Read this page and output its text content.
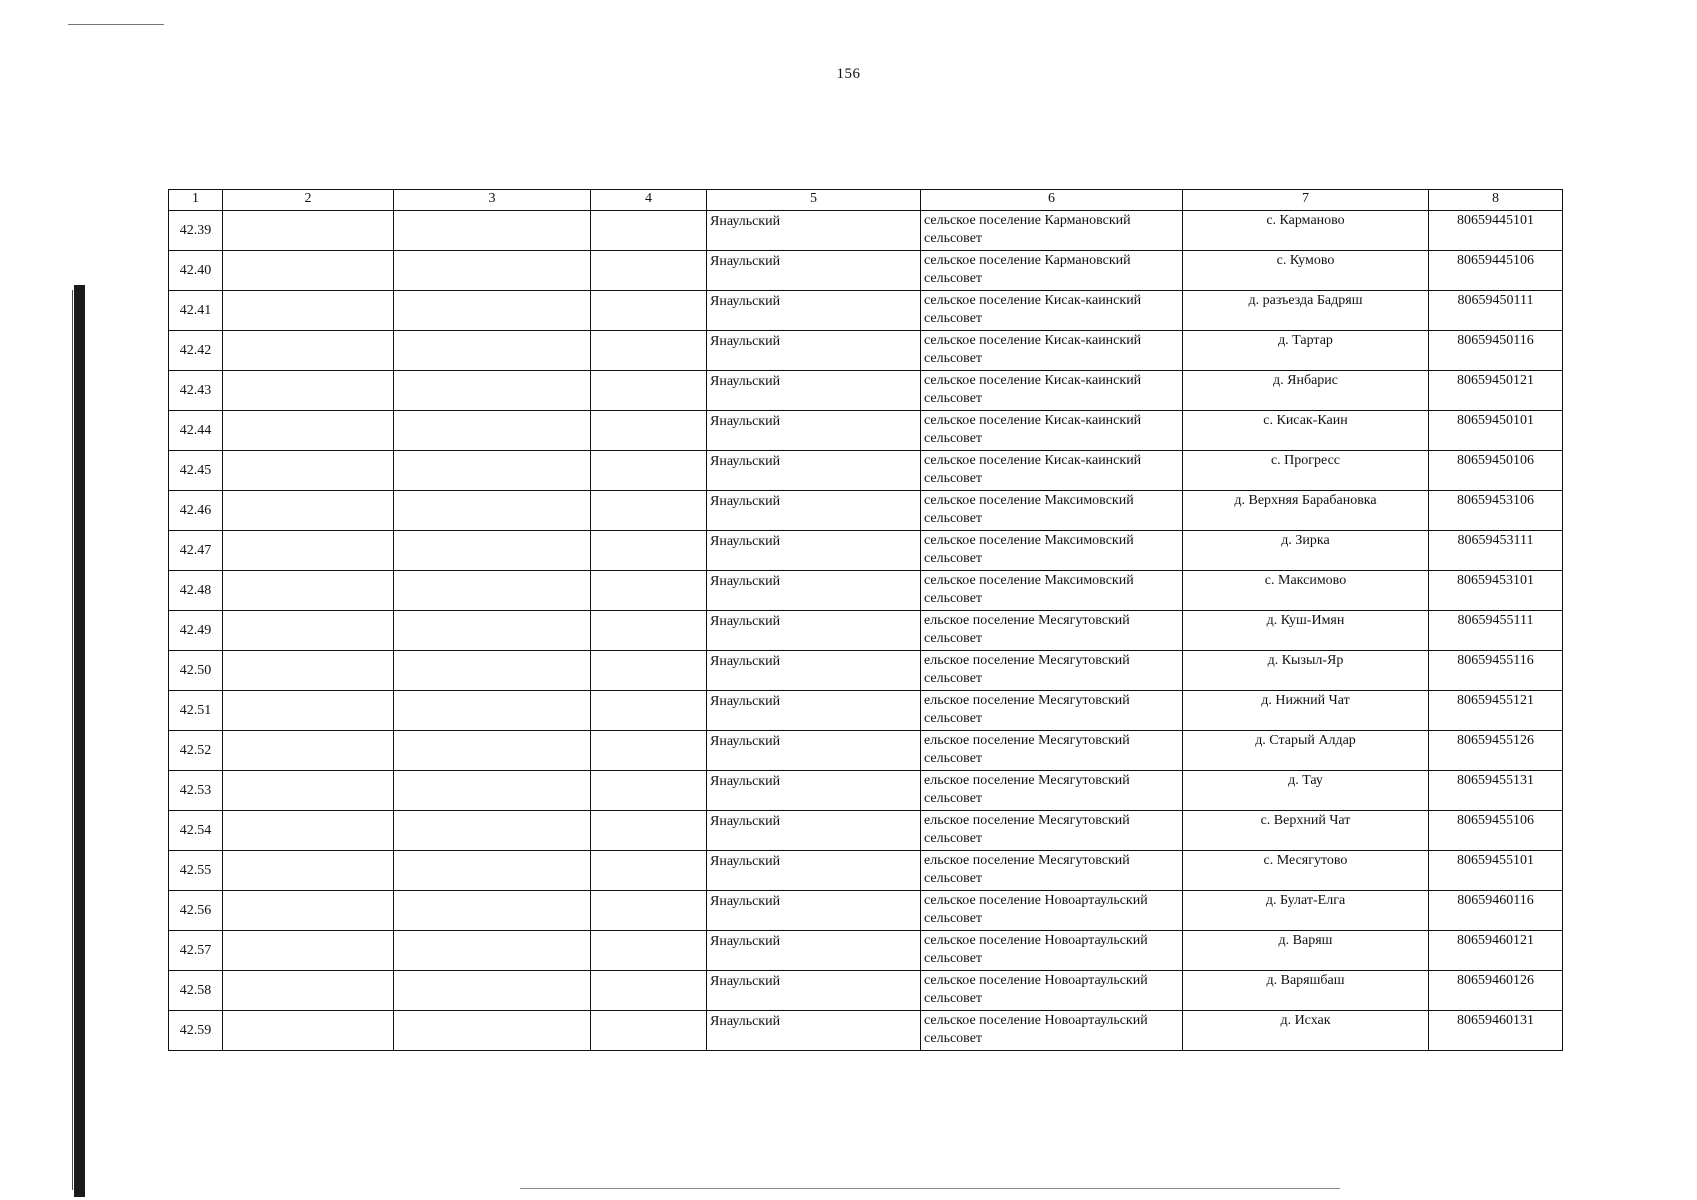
156
1	2	3	4	5	6	7	8
42.39				Янаульский	сельское поселение Кармановский сельсовет	с. Карманово	80659445101
42.40				Янаульский	сельское поселение Кармановский сельсовет	с. Кумово	80659445106
42.41				Янаульский	сельское поселение Кисак-каинский сельсовет	д. разъезда Бадряш	80659450111
42.42				Янаульский	сельское поселение Кисак-каинский сельсовет	д. Тартар	80659450116
42.43				Янаульский	сельское поселение Кисак-каинский сельсовет	д. Янбарис	80659450121
42.44				Янаульский	сельское поселение Кисак-каинский сельсовет	с. Кисак-Каин	80659450101
42.45				Янаульский	сельское поселение Кисак-каинский сельсовет	с. Прогресс	80659450106
42.46				Янаульский	сельское поселение Максимовский сельсовет	д. Верхняя Барабановка	80659453106
42.47				Янаульский	сельское поселение Максимовский сельсовет	д. Зирка	80659453111
42.48				Янаульский	сельское поселение Максимовский сельсовет	с. Максимово	80659453101
42.49				Янаульский	ельское поселение Месягутовский сельсовет	д. Куш-Имян	80659455111
42.50				Янаульский	ельское поселение Месягутовский сельсовет	д. Кызыл-Яр	80659455116
42.51				Янаульский	ельское поселение Месягутовский сельсовет	д. Нижний Чат	80659455121
42.52				Янаульский	ельское поселение Месягутовский сельсовет	д. Старый Алдар	80659455126
42.53				Янаульский	ельское поселение Месягутовский сельсовет	д. Тау	80659455131
42.54				Янаульский	ельское поселение Месягутовский сельсовет	с. Верхний Чат	80659455106
42.55				Янаульский	ельское поселение Месягутовский сельсовет	с. Месягутово	80659455101
42.56				Янаульский	сельское поселение Новоартаульский сельсовет	д. Булат-Елга	80659460116
42.57				Янаульский	сельское поселение Новоартаульский сельсовет	д. Варяш	80659460121
42.58				Янаульский	сельское поселение Новоартаульский сельсовет	д. Варяшбаш	80659460126
42.59				Янаульский	сельское поселение Новоартаульский сельсовет	д. Исхак	80659460131
